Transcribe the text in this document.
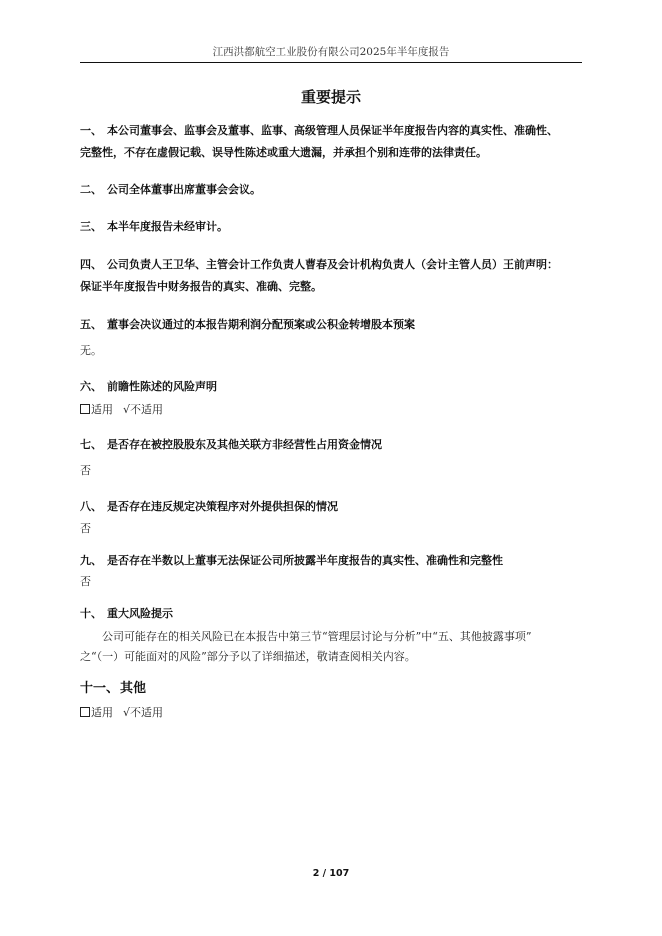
江西洪都航空工业股份有限公司2025年半年度报告
重要提示
一、 本公司董事会、监事会及董事、监事、高级管理人员保证半年度报告内容的真实性、准确性、
完整性，不存在虚假记载、误导性陈述或重大遗漏，并承担个别和连带的法律责任。
二、 公司全体董事出席董事会会议。
三、 本半年度报告未经审计。
四、 公司负责人王卫华、主管会计工作负责人曹春及会计机构负责人（会计主管人员）王前声明：
保证半年度报告中财务报告的真实、准确、完整。
五、 董事会决议通过的本报告期利润分配预案或公积金转增股本预案
无。
六、 前瞻性陈述的风险声明
适用 √不适用
七、 是否存在被控股股东及其他关联方非经营性占用资金情况
否
八、 是否存在违反规定决策程序对外提供担保的情况
否
九、 是否存在半数以上董事无法保证公司所披露半年度报告的真实性、准确性和完整性
否
十、 重大风险提示
公司可能存在的相关风险已在本报告中第三节“管理层讨论与分析”中“五、其他披露事项”
之“（一）可能面对的风险”部分予以了详细描述，敬请查阅相关内容。
十一、其他
适用 √不适用
2 / 107
